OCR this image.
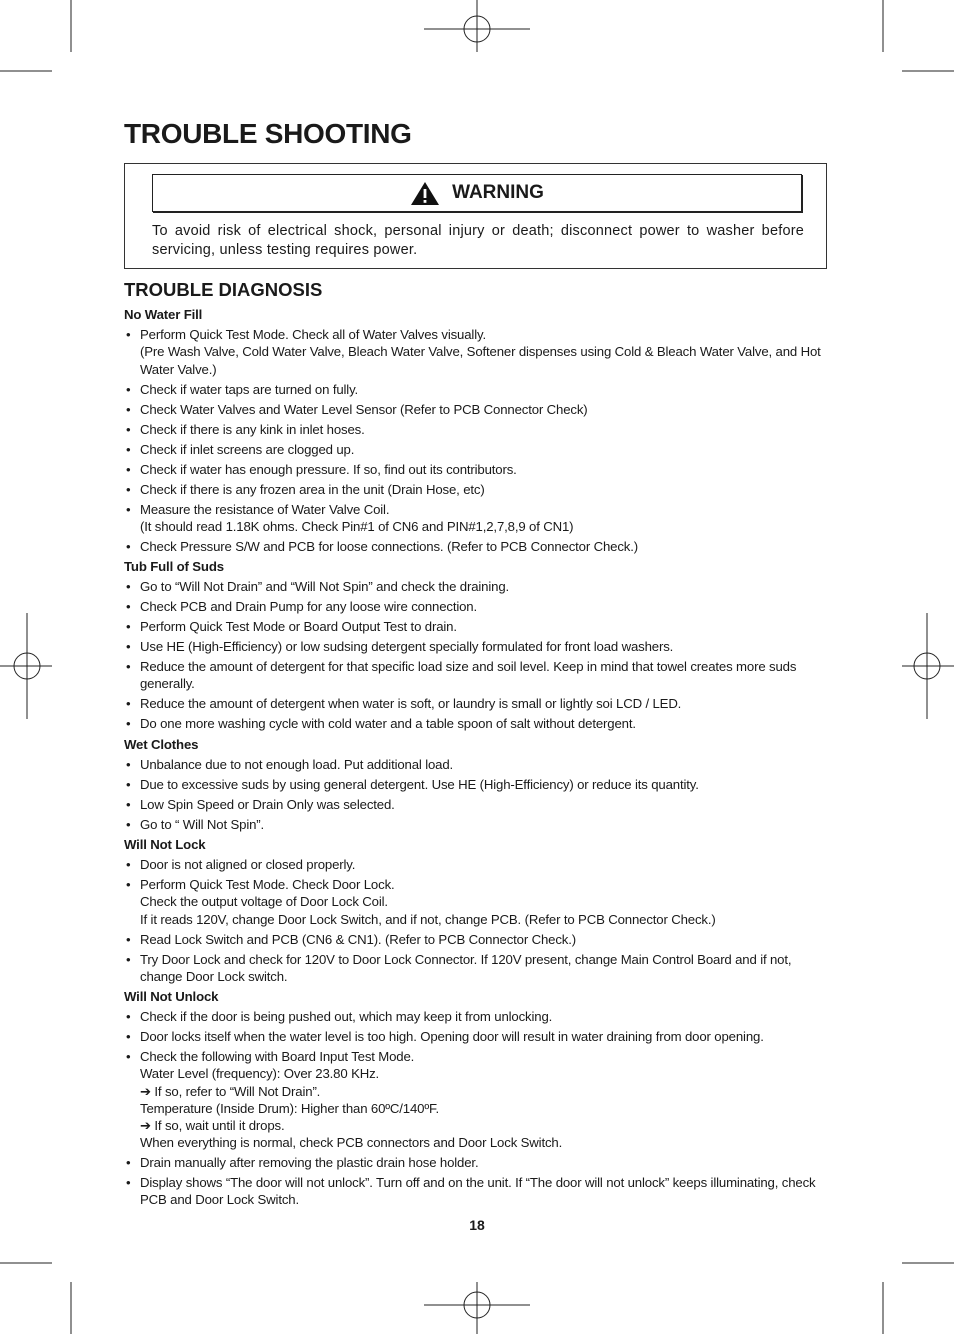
TROUBLE SHOOTING
WARNING

To avoid risk of electrical shock, personal injury or death; disconnect power to washer before servicing, unless testing requires power.

TROUBLE DIAGNOSIS
No Water Fill
• Perform Quick Test Mode. Check all of Water Valves visually.
(Pre Wash Valve, Cold Water Valve, Bleach Water Valve, Softener dispenses using Cold & Bleach Water Valve, and Hot Water Valve.)
• Check if water taps are turned on fully.
• Check Water Valves and Water Level Sensor (Refer to PCB Connector Check)
• Check if there is any kink in inlet hoses.
• Check if inlet screens are clogged up.
• Check if water has enough pressure. If so, find out its contributors.
• Check if there is any frozen area in the unit (Drain Hose, etc)
• Measure the resistance of Water Valve Coil.
(It should read 1.18K ohms. Check Pin#1 of CN6 and PIN#1,2,7,8,9 of CN1)
• Check Pressure S/W and PCB for loose connections. (Refer to PCB Connector Check.)
Tub Full of Suds
• Go to “Will Not Drain” and “Will Not Spin” and check the draining.
• Check PCB and Drain Pump for any loose wire connection.
• Perform Quick Test Mode or Board Output Test to drain.
• Use HE (High-Efficiency) or low sudsing detergent specially formulated for front load washers.
• Reduce the amount of detergent for that specific load size and soil level. Keep in mind that towel creates more suds generally.
• Reduce the amount of detergent when water is soft, or laundry is small or lightly soi LCD / LED.
• Do one more washing cycle with cold water and a table spoon of salt without detergent.
Wet Clothes
• Unbalance due to not enough load. Put additional load.
• Due to excessive suds by using general detergent. Use HE (High-Efficiency) or reduce its quantity.
• Low Spin Speed or Drain Only was selected.
• Go to “ Will Not Spin”.
Will Not Lock
• Door is not aligned or closed properly.
• Perform Quick Test Mode. Check Door Lock.
Check the output voltage of Door Lock Coil.
If it reads 120V, change Door Lock Switch, and if not, change PCB. (Refer to PCB Connector Check.)
• Read Lock Switch and PCB (CN6 & CN1). (Refer to PCB Connector Check.)
• Try Door Lock and check for 120V to Door Lock Connector. If 120V present, change Main Control Board and if not, change Door Lock switch.
Will Not Unlock
• Check if the door is being pushed out, which may keep it from unlocking.
• Door locks itself when the water level is too high. Opening door will result in water draining from door opening.
• Check the following with Board Input Test Mode.
Water Level (frequency): Over 23.80 KHz.
➔ If so, refer to “Will Not Drain”.
Temperature (Inside Drum): Higher than 60ºC/140ºF.
➔ If so, wait until it drops.
When everything is normal, check PCB connectors and Door Lock Switch.
• Drain manually after removing the plastic drain hose holder.
• Display shows “The door will not unlock”. Turn off and on the unit. If “The door will not unlock” keeps illuminating, check PCB and Door Lock Switch.
18
